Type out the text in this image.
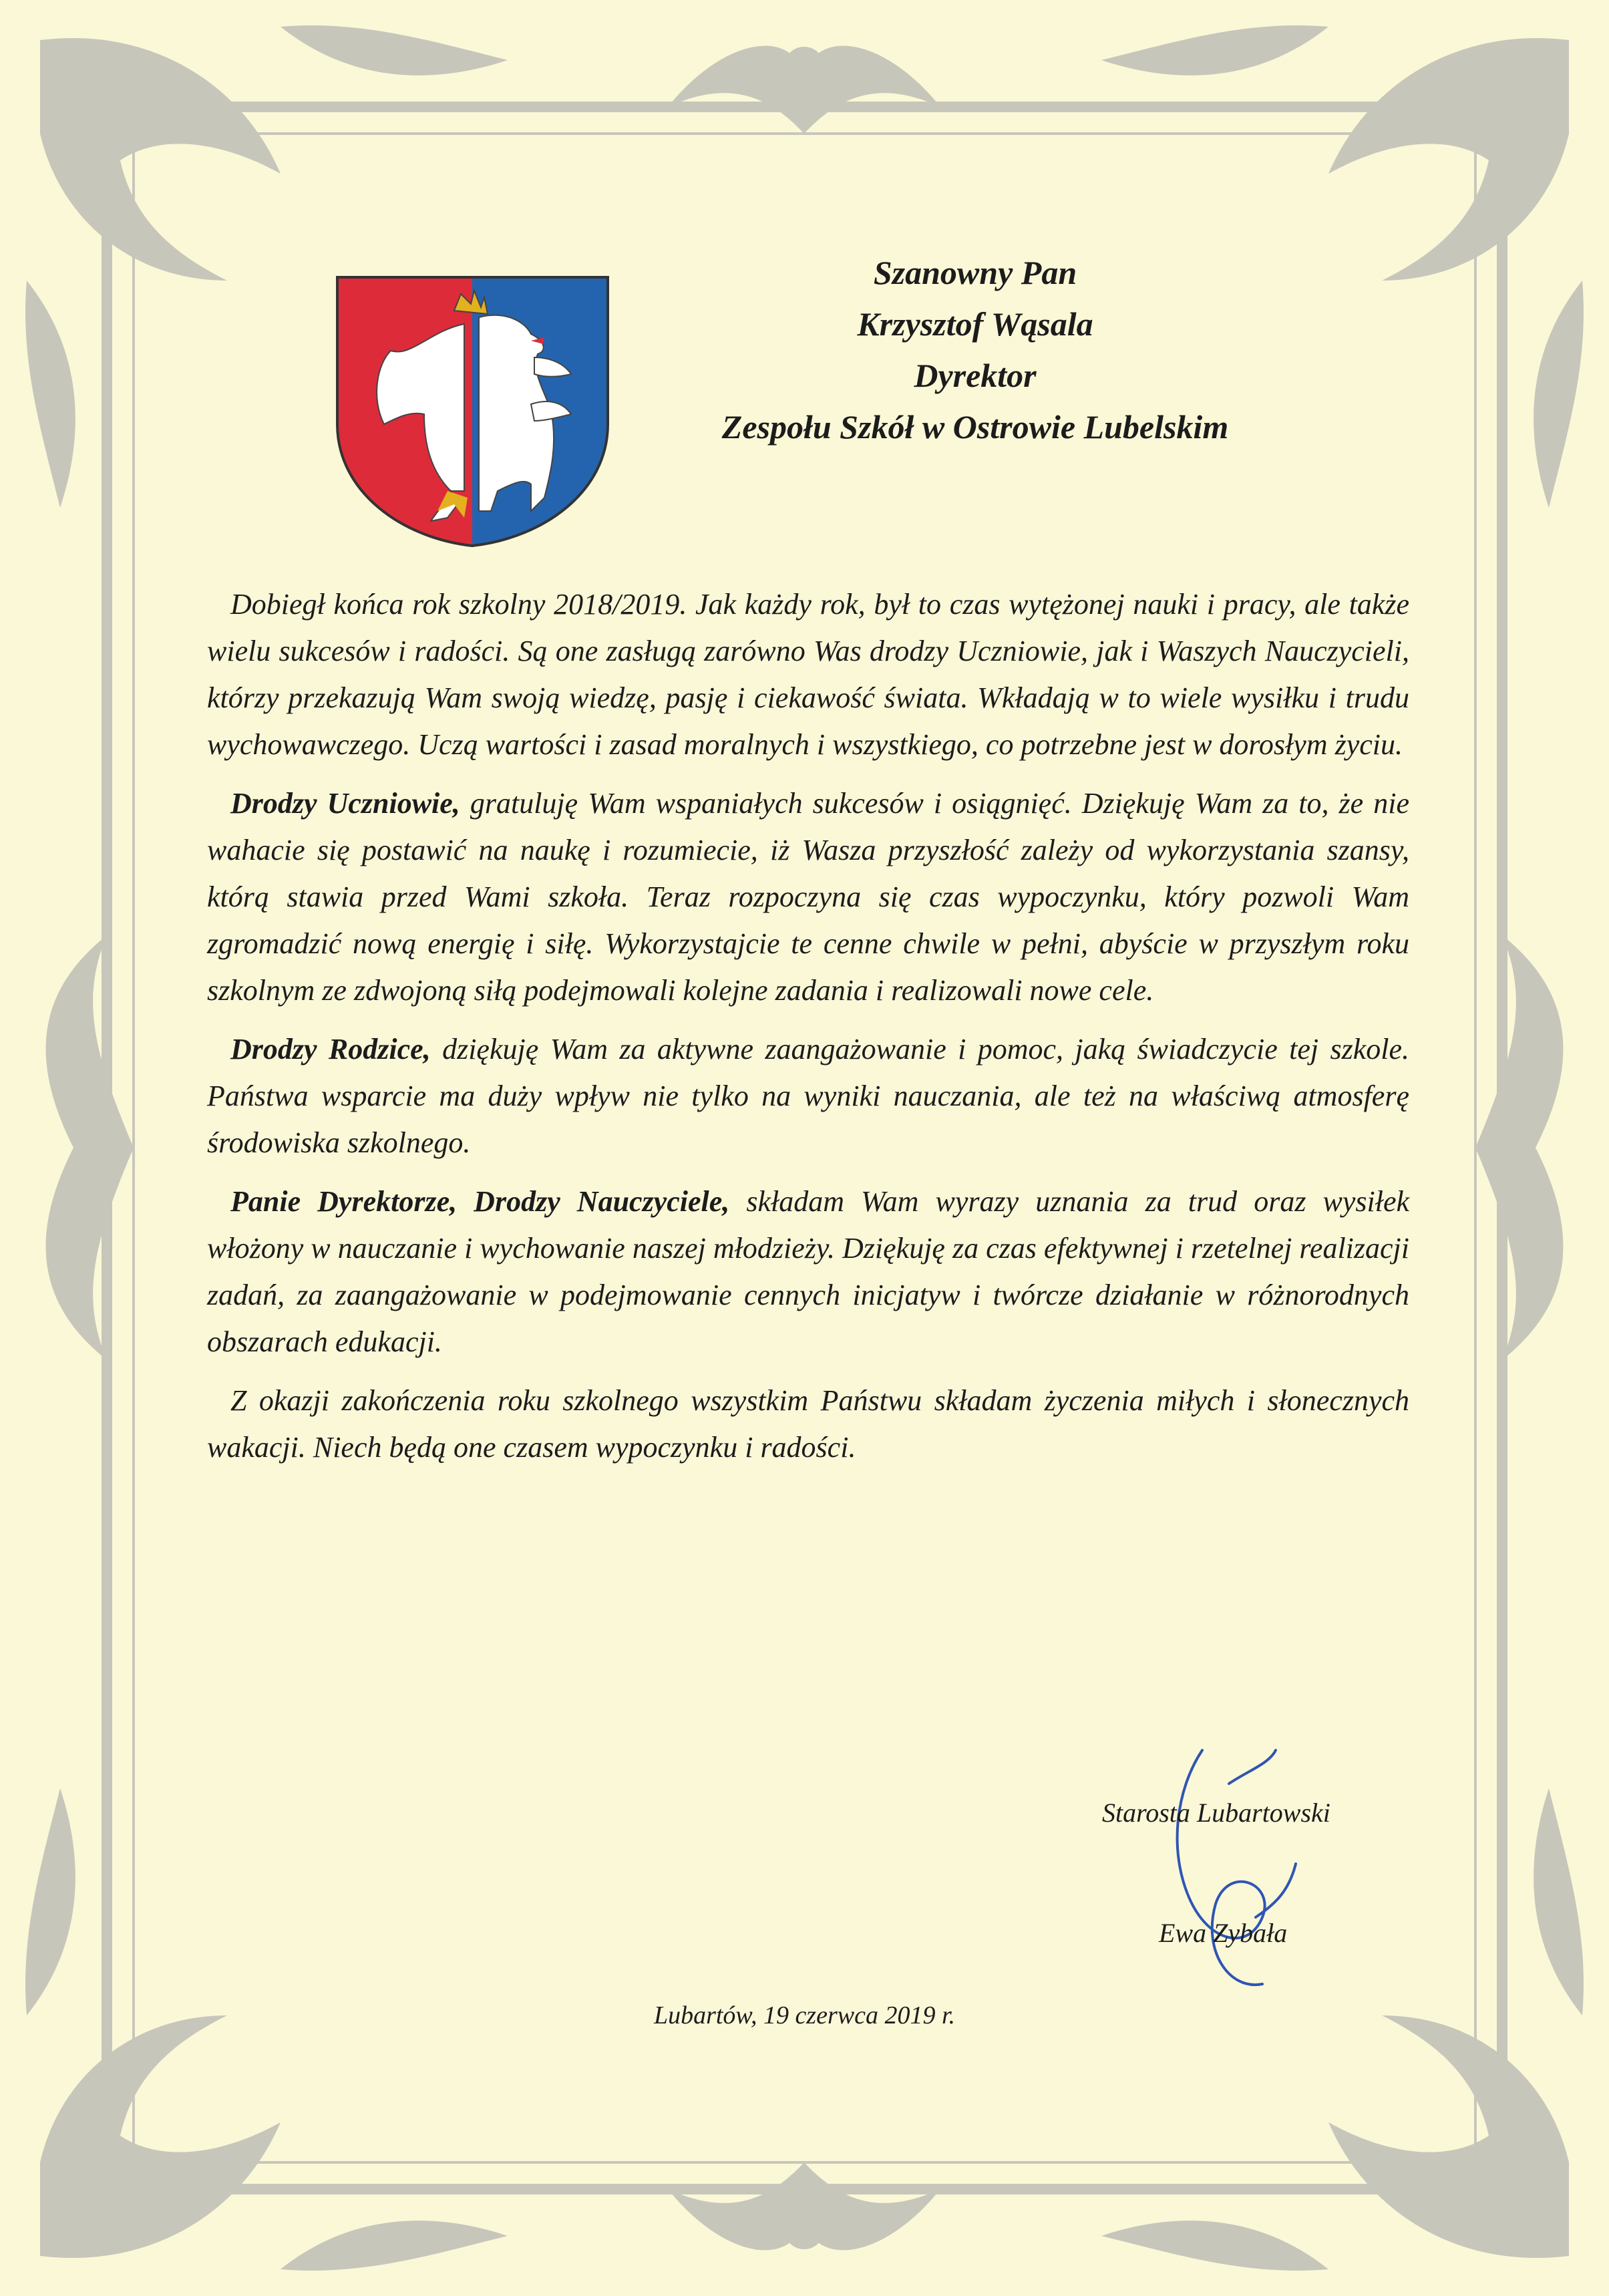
Szanowny Pan
Krzysztof Wąsala
Dyrektor
Zespołu Szkół w Ostrowie Lubelskim

Dobiegł końca rok szkolny 2018/2019. Jak każdy rok, był to czas wytężonej nauki i pracy, ale także wielu sukcesów i radości. Są one zasługą zarówno Was drodzy Uczniowie, jak i Waszych Nauczycieli, którzy przekazują Wam swoją wiedzę, pasję i ciekawość świata. Wkładają w to wiele wysiłku i trudu wychowawczego. Uczą wartości i zasad moralnych i wszystkiego, co potrzebne jest w dorosłym życiu.

Drodzy Uczniowie, gratuluję Wam wspaniałych sukcesów i osiągnięć. Dziękuję Wam za to, że nie wahacie się postawić na naukę i rozumiecie, iż Wasza przyszłość zależy od wykorzystania szansy, którą stawia przed Wami szkoła. Teraz rozpoczyna się czas wypoczynku, który pozwoli Wam zgromadzić nową energię i siłę. Wykorzystajcie te cenne chwile w pełni, abyście w przyszłym roku szkolnym ze zdwojoną siłą podejmowali kolejne zadania i realizowali nowe cele.

Drodzy Rodzice, dziękuję Wam za aktywne zaangażowanie i pomoc, jaką świadczycie tej szkole. Państwa wsparcie ma duży wpływ nie tylko na wyniki nauczania, ale też na właściwą atmosferę środowiska szkolnego.

Panie Dyrektorze, Drodzy Nauczyciele, składam Wam wyrazy uznania za trud oraz wysiłek włożony w nauczanie i wychowanie naszej młodzieży. Dziękuję za czas efektywnej i rzetelnej realizacji zadań, za zaangażowanie w podejmowanie cennych inicjatyw i twórcze działanie w różnorodnych obszarach edukacji.

Z okazji zakończenia roku szkolnego wszystkim Państwu składam życzenia miłych i słonecznych wakacji. Niech będą one czasem wypoczynku i radości.

Starosta Lubartowski
Ewa Zybała
Lubartów, 19 czerwca 2019 r.
